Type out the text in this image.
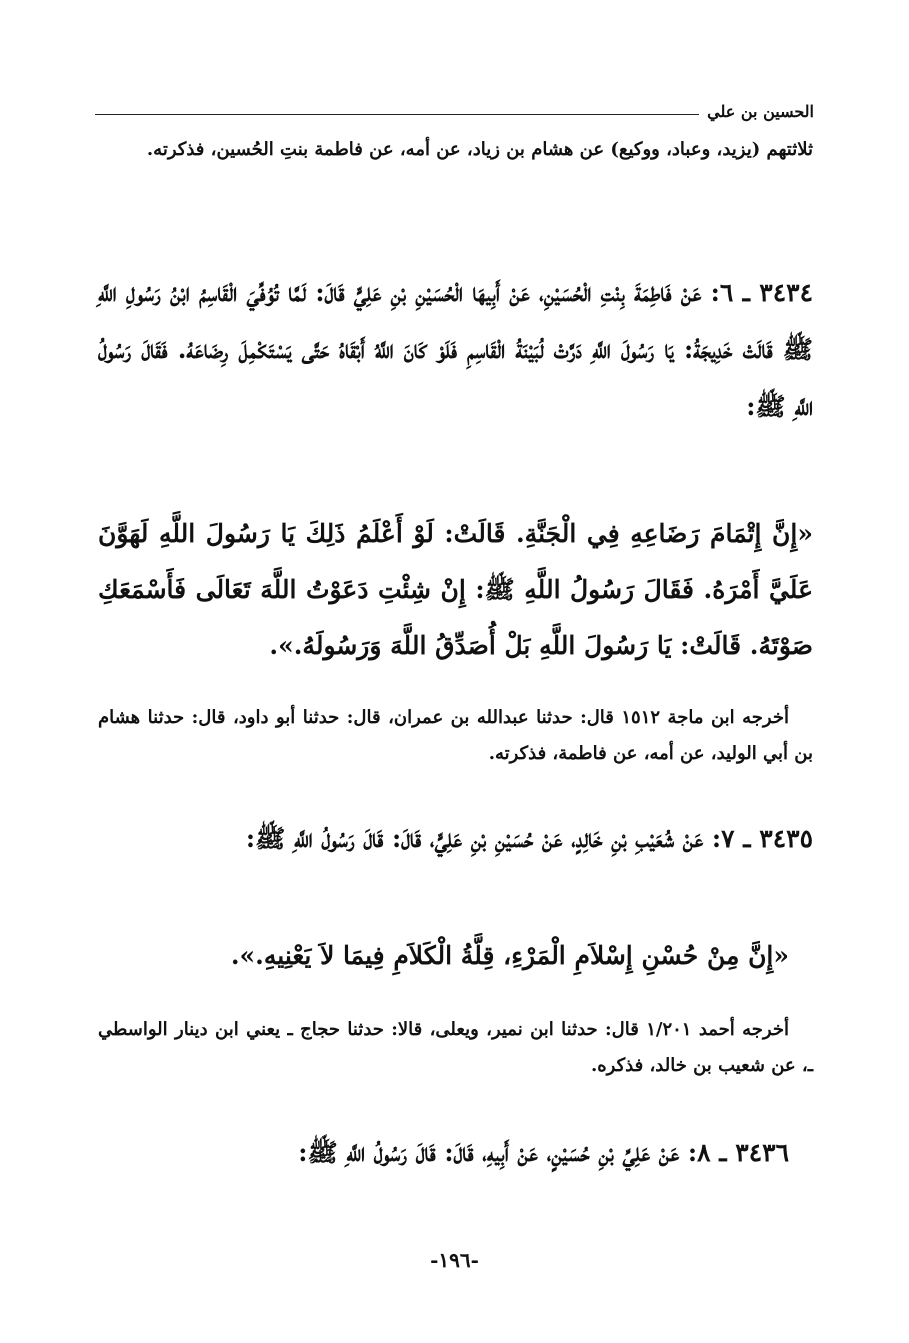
الحسين بن علي

ثلاثتهم (يزيد، وعباد، ووكيع) عن هشام بن زياد، عن أمه، عن فاطمة بنتِ الحُسين، فذكرته.

٣٤٣٤ ـ ٦: عَنْ فَاطِمَةَ بِنْتِ الْحُسَيْنِ، عَنْ أَبِيهَا الْحُسَيْنِ بْنِ عَلِيٍّ قَالَ: لَمَّا تُوُفِّيَ الْقَاسِمُ ابْنُ رَسُولِ اللَّهِ ﷺ قَالَتْ خَدِيجَةُ: يَا رَسُولَ اللَّهِ دَرَّتْ لُبَيْنَةُ الْقَاسِمِ فَلَوْ كَانَ اللَّهُ أَبْقَاهُ حَتَّى يَسْتَكْمِلَ رِضَاعَهُ. فَقَالَ رَسُولُ اللَّهِ ﷺ:

«إِنَّ إِتْمَامَ رَضَاعِهِ فِي الْجَنَّةِ. قَالَتْ: لَوْ أَعْلَمُ ذَلِكَ يَا رَسُولَ اللَّهِ لَهَوَّنَ عَلَيَّ أَمْرَهُ. فَقَالَ رَسُولُ اللَّهِ ﷺ: إِنْ شِئْتِ دَعَوْتُ اللَّهَ تَعَالَى فَأَسْمَعَكِ صَوْتَهُ. قَالَتْ: يَا رَسُولَ اللَّهِ بَلْ أُصَدِّقُ اللَّهَ وَرَسُولَهُ.».

أخرجه ابن ماجة ١٥١٢ قال: حدثنا عبدالله بن عمران، قال: حدثنا أبو داود، قال: حدثنا هشام بن أبي الوليد، عن أمه، عن فاطمة، فذكرته.

٣٤٣٥ ـ ٧: عَنْ شُعَيْبِ بْنِ خَالِدٍ، عَنْ حُسَيْنِ بْنِ عَلِيٍّ، قَالَ: قَالَ رَسُولُ اللَّهِ ﷺ:

«إِنَّ مِنْ حُسْنِ إِسْلاَمِ الْمَرْءِ، قِلَّةُ الْكَلاَمِ فِيمَا لاَ يَعْنِيهِ.».

أخرجه أحمد ١/٢٠١ قال: حدثنا ابن نمير، ويعلى، قالا: حدثنا حجاج ـ يعني ابن دينار الواسطي ـ، عن شعيب بن خالد، فذكره.

٣٤٣٦ ـ ٨: عَنْ عَلِيِّ بْنِ حُسَيْنٍ، عَنْ أَبِيهِ، قَالَ: قَالَ رَسُولُ اللَّهِ ﷺ:

-١٩٦-
